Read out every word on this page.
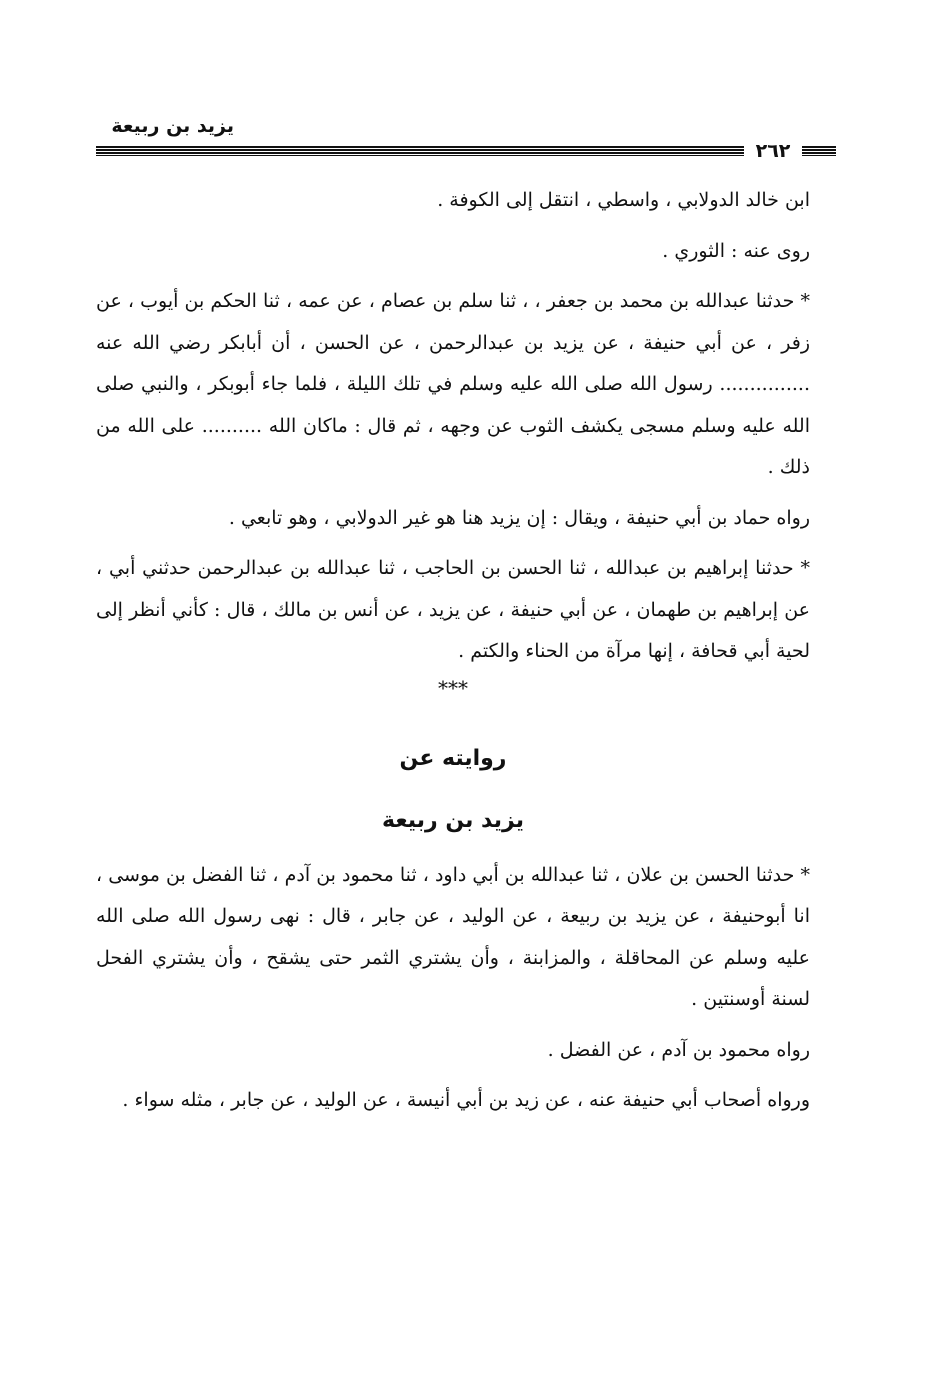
يزيد بن ربيعة
٢٦٢

ابن خالد الدولابي ، واسطي ، انتقل إلى الكوفة .

روى عنه : الثوري .

* حدثنا عبدالله بن محمد بن جعفر ، ، ثنا سلم بن عصام ، عن عمه ، ثنا الحكم بن أيوب ، عن زفر ، عن أبي حنيفة ، عن يزيد بن عبدالرحمن ، عن الحسن ، أن أبابكر رضي الله عنه ............... رسول الله صلى الله عليه وسلم في تلك الليلة ، فلما جاء أبوبكر ، والنبي صلى الله عليه وسلم مسجى يكشف الثوب عن وجهه ، ثم قال : ماكان الله .......... على الله من ذلك .

رواه حماد بن أبي حنيفة ، ويقال : إن يزيد هنا هو غير الدولابي ، وهو تابعي .

* حدثنا إبراهيم بن عبدالله ، ثنا الحسن بن الحاجب ، ثنا عبدالله بن عبدالرحمن حدثني أبي ، عن إبراهيم بن طهمان ، عن أبي حنيفة ، عن يزيد ، عن أنس بن مالك ، قال : كأني أنظر إلى لحية أبي قحافة ، إنها مرآة من الحناء والكتم .

***

روايته عن

يزيد بن ربيعة

* حدثنا الحسن بن علان ، ثنا عبدالله بن أبي داود ، ثنا محمود بن آدم ، ثنا الفضل بن موسى ، انا أبوحنيفة ، عن يزيد بن ربيعة ، عن الوليد ، عن جابر ، قال : نهى رسول الله صلى الله عليه وسلم عن المحاقلة ، والمزابنة ، وأن يشتري الثمر حتى يشقح ، وأن يشتري الفحل لسنة أوسنتين .

رواه محمود بن آدم ، عن الفضل .

ورواه أصحاب أبي حنيفة عنه ، عن زيد بن أبي أنيسة ، عن الوليد ، عن جابر ، مثله سواء .
